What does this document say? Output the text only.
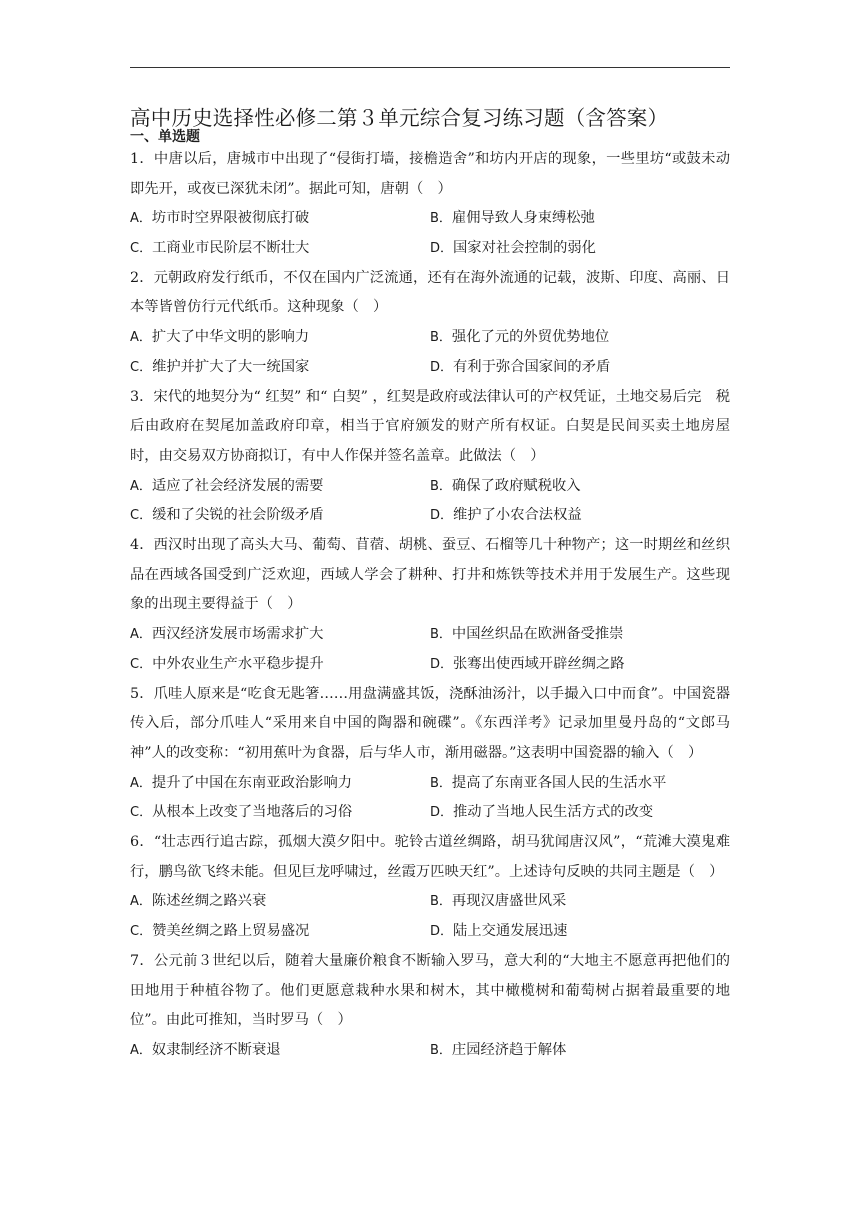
高中历史选择性必修二第３单元综合复习练习题（含答案）
一、单选题

1．中唐以后，唐城市中出现了“侵街打墙，接檐造舍”和坊内开店的现象，一些里坊“或鼓未动即先开，或夜已深犹未闭”。据此可知，唐朝（　）

A．坊市时空界限被彻底打破	B．雇佣导致人身束缚松弛
C．工商业市民阶层不断壮大	D．国家对社会控制的弱化

2．元朝政府发行纸币，不仅在国内广泛流通，还有在海外流通的记载，波斯、印度、高丽、日本等皆曾仿行元代纸币。这种现象（　）

A．扩大了中华文明的影响力	B．强化了元的外贸优势地位
C．维护并扩大了大一统国家	D．有利于弥合国家间的矛盾

3．宋代的地契分为“ 红契” 和“ 白契” ，红契是政府或法律认可的产权凭证，土地交易后完　税后由政府在契尾加盖政府印章，相当于官府颁发的财产所有权证。白契是民间买卖土地房屋时，由交易双方协商拟订，有中人作保并签名盖章。此做法（　）

A．适应了社会经济发展的需要	B．确保了政府赋税收入
C．缓和了尖锐的社会阶级矛盾	D．维护了小农合法权益

4．西汉时出现了高头大马、葡萄、苜蓿、胡桃、蚕豆、石榴等几十种物产；这一时期丝和丝织品在西域各国受到广泛欢迎，西域人学会了耕种、打井和炼铁等技术并用于发展生产。这些现象的出现主要得益于（　）

A．西汉经济发展市场需求扩大	B．中国丝织品在欧洲备受推崇
C．中外农业生产水平稳步提升	D．张骞出使西域开辟丝绸之路

5．爪哇人原来是“吃食无匙箸……用盘满盛其饭，浇酥油汤汁，以手撮入口中而食”。中国瓷器传入后，部分爪哇人“采用来自中国的陶器和碗碟”。《东西洋考》记录加里曼丹岛的“文郎马神”人的改变称：“初用蕉叶为食器，后与华人市，渐用磁器。”这表明中国瓷器的输入（　）

A．提升了中国在东南亚政治影响力	B．提高了东南亚各国人民的生活水平
C．从根本上改变了当地落后的习俗	D．推动了当地人民生活方式的改变

6．“壮志西行追古踪，孤烟大漠夕阳中。驼铃古道丝绸路，胡马犹闻唐汉风”，“荒滩大漠鬼难行，鹏鸟欲飞终未能。但见巨龙呼啸过，丝霞万匹映天红”。上述诗句反映的共同主题是（　）

A．陈述丝绸之路兴衰	B．再现汉唐盛世风采
C．赞美丝绸之路上贸易盛况	D．陆上交通发展迅速

7．公元前３世纪以后，随着大量廉价粮食不断输入罗马，意大利的“大地主不愿意再把他们的田地用于种植谷物了。他们更愿意栽种水果和树木，其中橄榄树和葡萄树占据着最重要的地位”。由此可推知，当时罗马（　）

A．奴隶制经济不断衰退	B．庄园经济趋于解体
